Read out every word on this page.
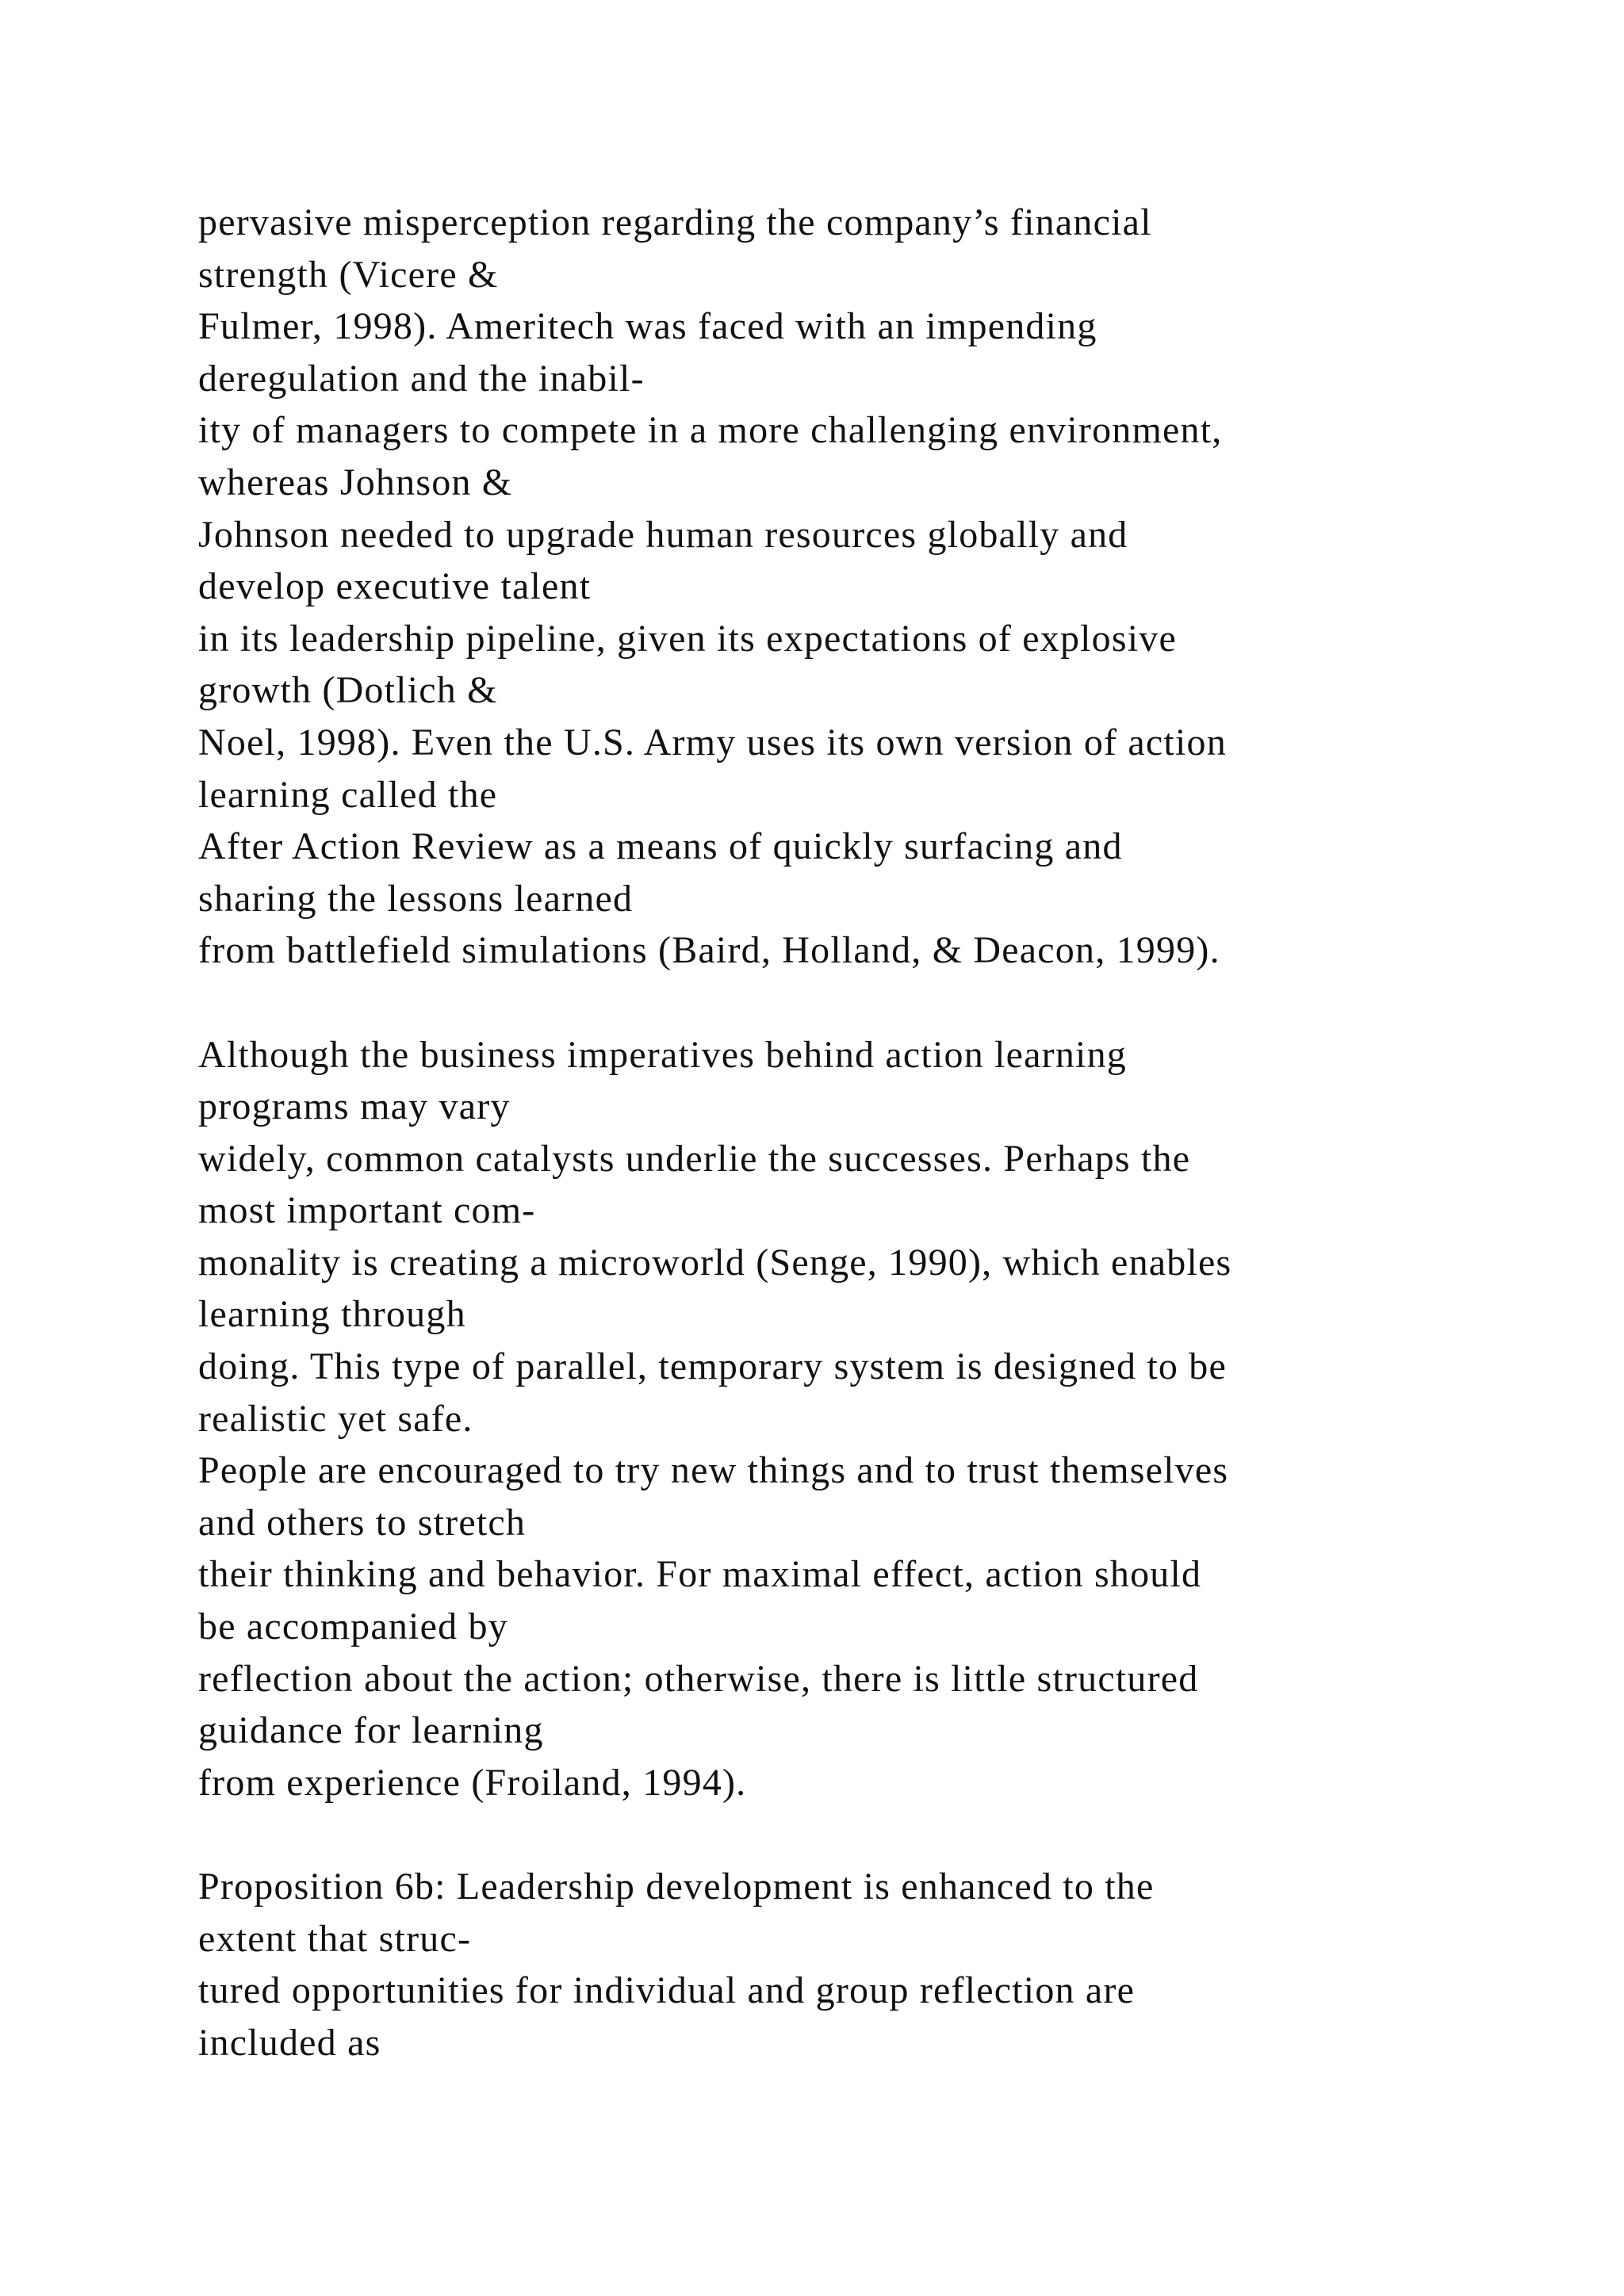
pervasive misperception regarding the company’s financial
strength (Vicere &
Fulmer, 1998). Ameritech was faced with an impending
deregulation and the inabil-
ity of managers to compete in a more challenging environment,
whereas Johnson &
Johnson needed to upgrade human resources globally and
develop executive talent
in its leadership pipeline, given its expectations of explosive
growth (Dotlich &
Noel, 1998). Even the U.S. Army uses its own version of action
learning called the
After Action Review as a means of quickly surfacing and
sharing the lessons learned
from battlefield simulations (Baird, Holland, & Deacon, 1999).
Although the business imperatives behind action learning
programs may vary
widely, common catalysts underlie the successes. Perhaps the
most important com-
monality is creating a microworld (Senge, 1990), which enables
learning through
doing. This type of parallel, temporary system is designed to be
realistic yet safe.
People are encouraged to try new things and to trust themselves
and others to stretch
their thinking and behavior. For maximal effect, action should
be accompanied by
reflection about the action; otherwise, there is little structured
guidance for learning
from experience (Froiland, 1994).
Proposition 6b: Leadership development is enhanced to the
extent that struc-
tured opportunities for individual and group reflection are
included as
